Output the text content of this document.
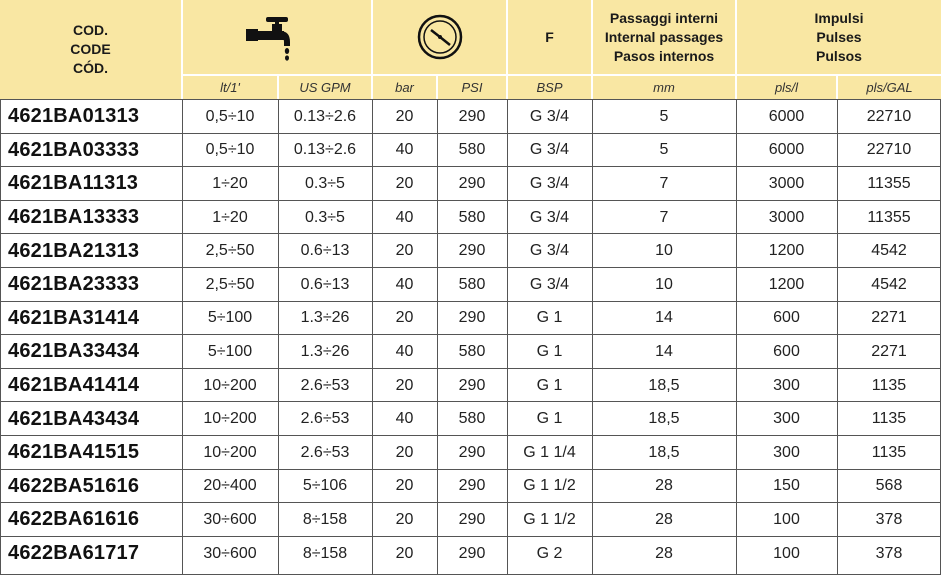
COD.
CODE
CÓD.
F
Passaggi interni
Internal passages
Pasos internos
Impulsi
Pulses
Pulsos
lt/1'	US GPM	bar	PSI	BSP	mm	pls/l	pls/GAL
4621BA01313	0,5÷10	0.13÷2.6	20	290	G 3/4	5	6000	22710
4621BA03333	0,5÷10	0.13÷2.6	40	580	G 3/4	5	6000	22710
4621BA11313	1÷20	0.3÷5	20	290	G 3/4	7	3000	11355
4621BA13333	1÷20	0.3÷5	40	580	G 3/4	7	3000	11355
4621BA21313	2,5÷50	0.6÷13	20	290	G 3/4	10	1200	4542
4621BA23333	2,5÷50	0.6÷13	40	580	G 3/4	10	1200	4542
4621BA31414	5÷100	1.3÷26	20	290	G 1	14	600	2271
4621BA33434	5÷100	1.3÷26	40	580	G 1	14	600	2271
4621BA41414	10÷200	2.6÷53	20	290	G 1	18,5	300	1135
4621BA43434	10÷200	2.6÷53	40	580	G 1	18,5	300	1135
4621BA41515	10÷200	2.6÷53	20	290	G 1 1/4	18,5	300	1135
4622BA51616	20÷400	5÷106	20	290	G 1 1/2	28	150	568
4622BA61616	30÷600	8÷158	20	290	G 1 1/2	28	100	378
4622BA61717	30÷600	8÷158	20	290	G 2	28	100	378
